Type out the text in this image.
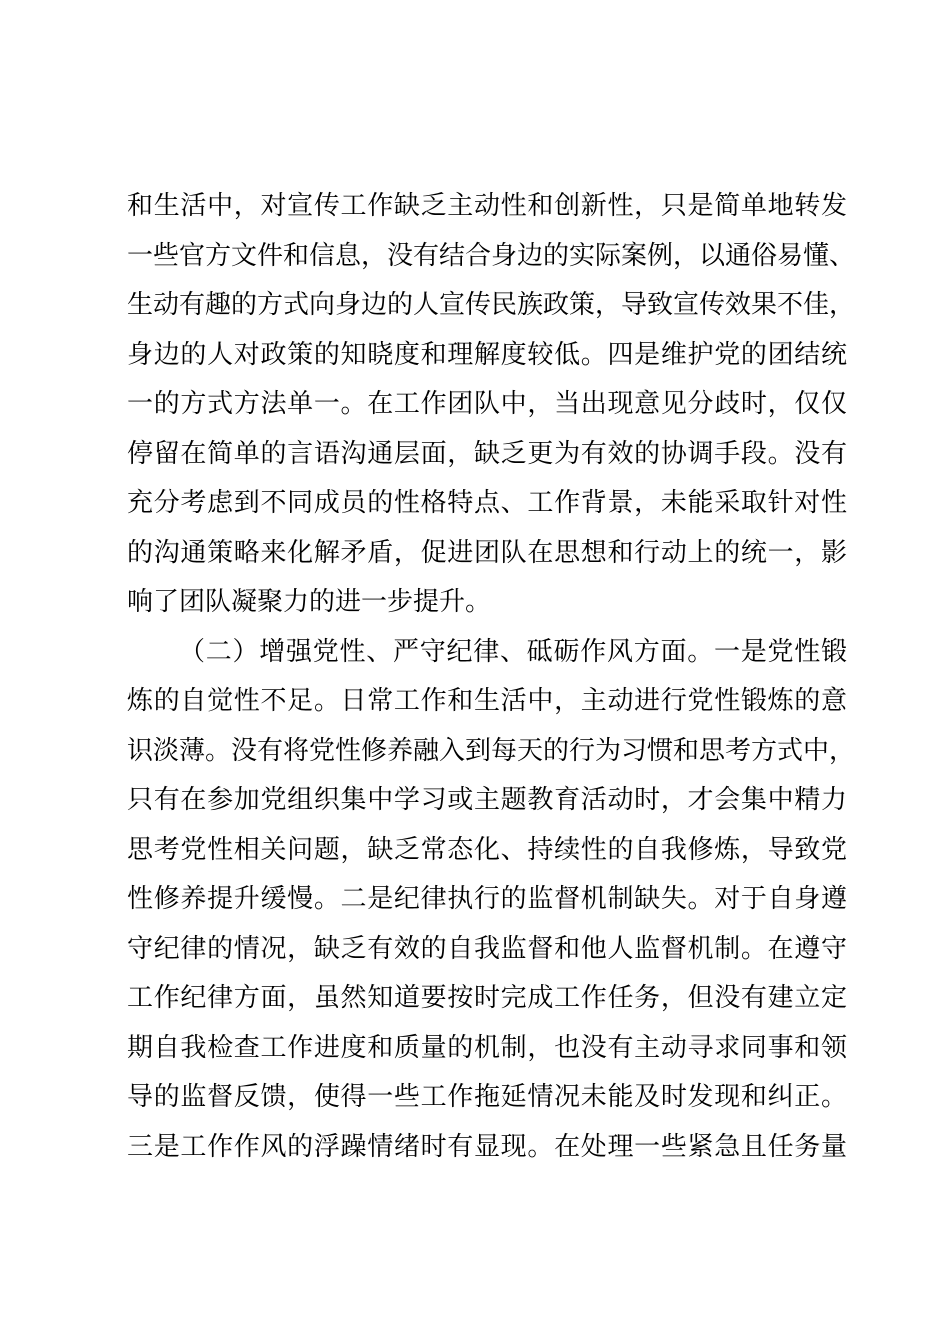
和生活中，对宣传工作缺乏主动性和创新性，只是简单地转发
一些官方文件和信息，没有结合身边的实际案例，以通俗易懂、
生动有趣的方式向身边的人宣传民族政策，导致宣传效果不佳，
身边的人对政策的知晓度和理解度较低。四是维护党的团结统
一的方式方法单一。在工作团队中，当出现意见分歧时，仅仅
停留在简单的言语沟通层面，缺乏更为有效的协调手段。没有
充分考虑到不同成员的性格特点、工作背景，未能采取针对性
的沟通策略来化解矛盾，促进团队在思想和行动上的统一，影
响了团队凝聚力的进一步提升。
（二）增强党性、严守纪律、砥砺作风方面。一是党性锻
炼的自觉性不足。日常工作和生活中，主动进行党性锻炼的意
识淡薄。没有将党性修养融入到每天的行为习惯和思考方式中，
只有在参加党组织集中学习或主题教育活动时，才会集中精力
思考党性相关问题，缺乏常态化、持续性的自我修炼，导致党
性修养提升缓慢。二是纪律执行的监督机制缺失。对于自身遵
守纪律的情况，缺乏有效的自我监督和他人监督机制。在遵守
工作纪律方面，虽然知道要按时完成工作任务，但没有建立定
期自我检查工作进度和质量的机制，也没有主动寻求同事和领
导的监督反馈，使得一些工作拖延情况未能及时发现和纠正。
三是工作作风的浮躁情绪时有显现。在处理一些紧急且任务量
